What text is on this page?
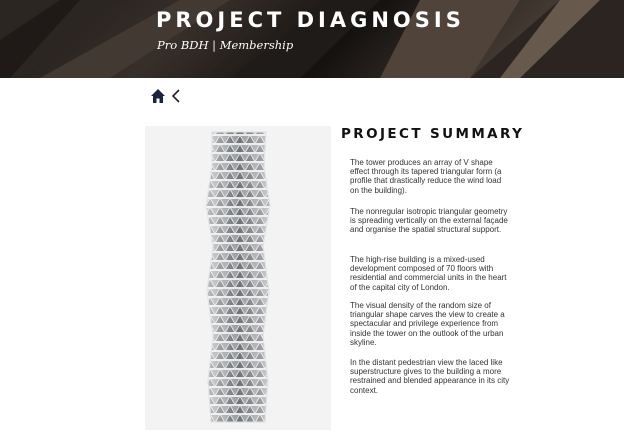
PROJECT DIAGNOSIS
Pro BDH | Membership
PROJECT SUMMARY

The tower produces an array of V shape effect through its tapered triangular form (a profile that drastically reduce the wind load on the building).

The nonregular isotropic triangular geometry is spreading vertically on the external façade and organise the spatial structural support.

The high-rise building is a mixed-used development composed of 70 floors with residential and commercial units in the heart of the capital city of London.

The visual density of the random size of triangular shape carves the view to create a spectacular and privilege experience from inside the tower on the outlook of the urban skyline.

In the distant pedestrian view the laced like superstructure gives to the building a more restrained and blended appearance in its city context.
